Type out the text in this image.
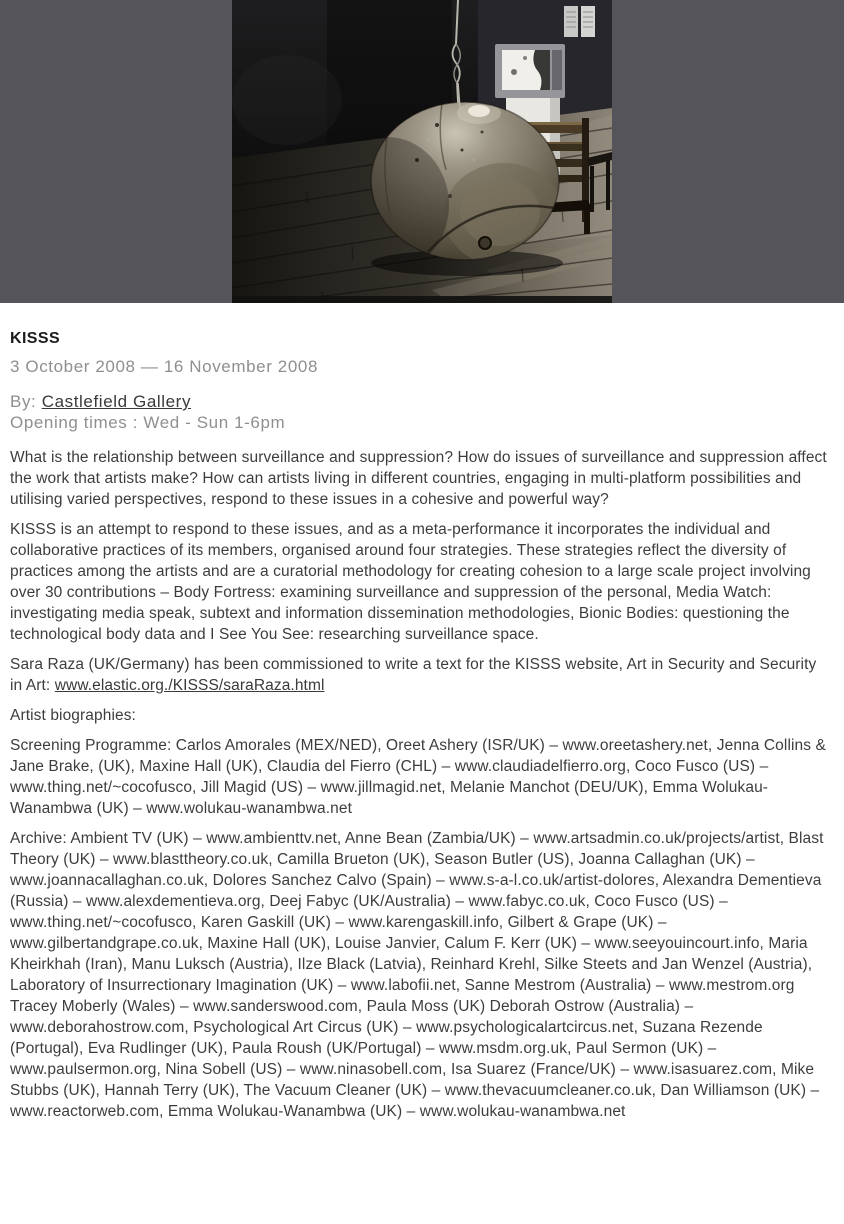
KISSS

3 October 2008 — 16 November 2008

By: Castlefield Gallery

Opening times : Wed - Sun 1-6pm

What is the relationship between surveillance and suppression? How do issues of surveillance and suppression affect the work that artists make? How can artists living in different countries, engaging in multi-platform possibilities and utilising varied perspectives, respond to these issues in a cohesive and powerful way?

KISSS is an attempt to respond to these issues, and as a meta-performance it incorporates the individual and collaborative practices of its members, organised around four strategies. These strategies reflect the diversity of practices among the artists and are a curatorial methodology for creating cohesion to a large scale project involving over 30 contributions – Body Fortress: examining surveillance and suppression of the personal, Media Watch: investigating media speak, subtext and information dissemination methodologies, Bionic Bodies: questioning the technological body data and I See You See: researching surveillance space.

Sara Raza (UK/Germany) has been commissioned to write a text for the KISSS website, Art in Security and Security in Art: www.elastic.org./KISSS/saraRaza.html

Artist biographies:

Screening Programme: Carlos Amorales (MEX/NED), Oreet Ashery (ISR/UK) – www.oreetashery.net, Jenna Collins & Jane Brake, (UK), Maxine Hall (UK), Claudia del Fierro (CHL) – www.claudiadelfierro.org, Coco Fusco (US) – www.thing.net/~cocofusco, Jill Magid (US) – www.jillmagid.net, Melanie Manchot (DEU/UK), Emma Wolukau-Wanambwa (UK) – www.wolukau-wanambwa.net

Archive: Ambient TV (UK) – www.ambienttv.net, Anne Bean (Zambia/UK) – www.artsadmin.co.uk/projects/artist, Blast Theory (UK) – www.blasttheory.co.uk, Camilla Brueton (UK), Season Butler (US), Joanna Callaghan (UK) – www.joannacallaghan.co.uk, Dolores Sanchez Calvo (Spain) – www.s-a-l.co.uk/artist-dolores, Alexandra Dementieva (Russia) – www.alexdementieva.org, Deej Fabyc (UK/Australia) – www.fabyc.co.uk, Coco Fusco (US) – www.thing.net/~cocofusco, Karen Gaskill (UK) – www.karengaskill.info, Gilbert & Grape (UK) – www.gilbertandgrape.co.uk, Maxine Hall (UK), Louise Janvier, Calum F. Kerr (UK) – www.seeyouincourt.info, Maria Kheirkhah (Iran), Manu Luksch (Austria), Ilze Black (Latvia), Reinhard Krehl, Silke Steets and Jan Wenzel (Austria), Laboratory of Insurrectionary Imagination (UK) – www.labofii.net, Sanne Mestrom (Australia) – www.mestrom.org Tracey Moberly (Wales) – www.sanderswood.com, Paula Moss (UK) Deborah Ostrow (Australia) – www.deborahostrow.com, Psychological Art Circus (UK) – www.psychologicalartcircus.net, Suzana Rezende (Portugal), Eva Rudlinger (UK), Paula Roush (UK/Portugal) – www.msdm.org.uk, Paul Sermon (UK) – www.paulsermon.org, Nina Sobell (US) – www.ninasobell.com, Isa Suarez (France/UK) – www.isasuarez.com, Mike Stubbs (UK), Hannah Terry (UK), The Vacuum Cleaner (UK) – www.thevacuumcleaner.co.uk, Dan Williamson (UK) – www.reactorweb.com, Emma Wolukau-Wanambwa (UK) – www.wolukau-wanambwa.net
